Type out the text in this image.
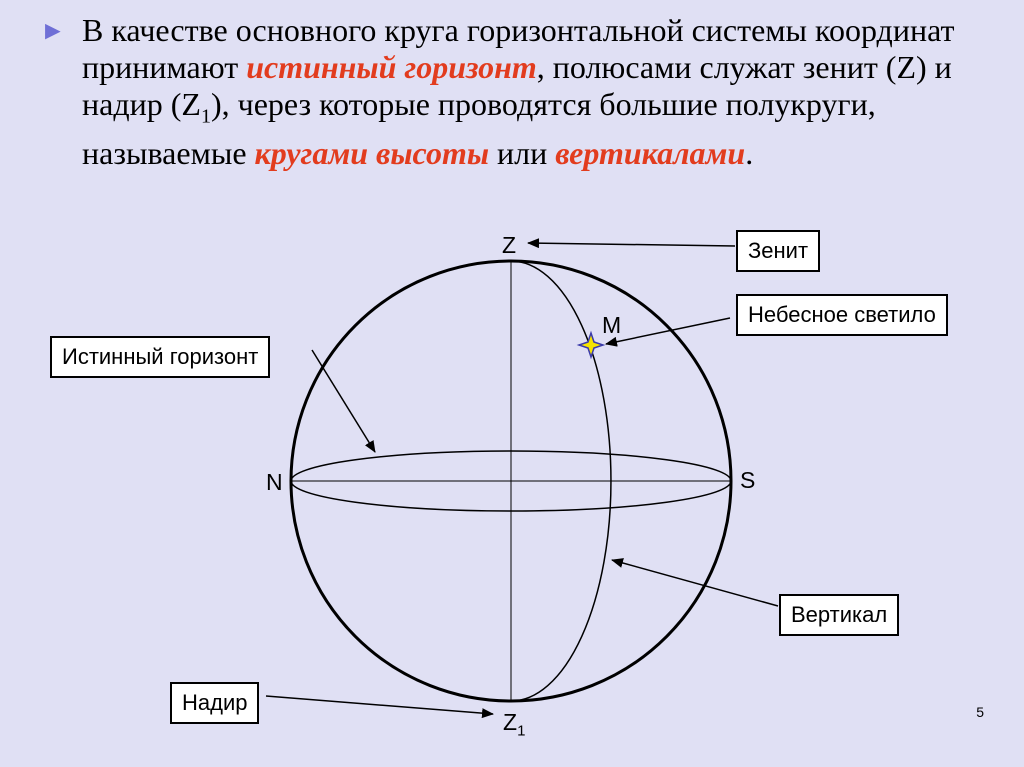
► В качестве основного круга горизонтальной системы координат принимают истинный горизонт, полюсами служат зенит (Z) и надир $(Z_1)$, через которые проводятся большие полукруги, называемые кругами высоты или вертикалами.
Z
$Z_1$
N	S
M
Зенит
Небесное светило
Истинный горизонт
Вертикал
Надир	5
